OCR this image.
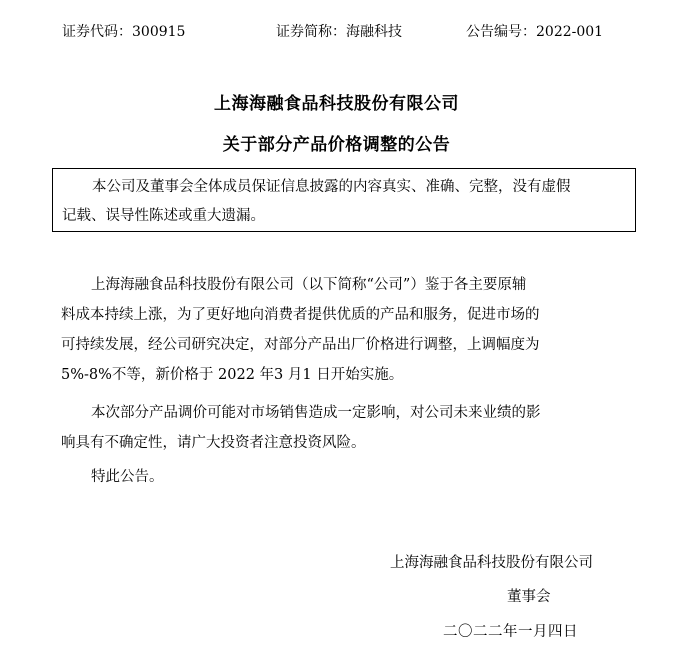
证券代码：300915	证券简称：海融科技	公告编号：2022-001
上海海融食品科技股份有限公司
关于部分产品价格调整的公告
本公司及董事会全体成员保证信息披露的内容真实、准确、完整，没有虚假
记载、误导性陈述或重大遗漏。
上海海融食品科技股份有限公司（以下简称“公司”）鉴于各主要原辅
料成本持续上涨，为了更好地向消费者提供优质的产品和服务，促进市场的
可持续发展，经公司研究决定，对部分产品出厂价格进行调整，上调幅度为
5%-8%不等，新价格于 2022 年3 月1 日开始实施。
本次部分产品调价可能对市场销售造成一定影响，对公司未来业绩的影
响具有不确定性，请广大投资者注意投资风险。
特此公告。
上海海融食品科技股份有限公司
董事会
二〇二二年一月四日
